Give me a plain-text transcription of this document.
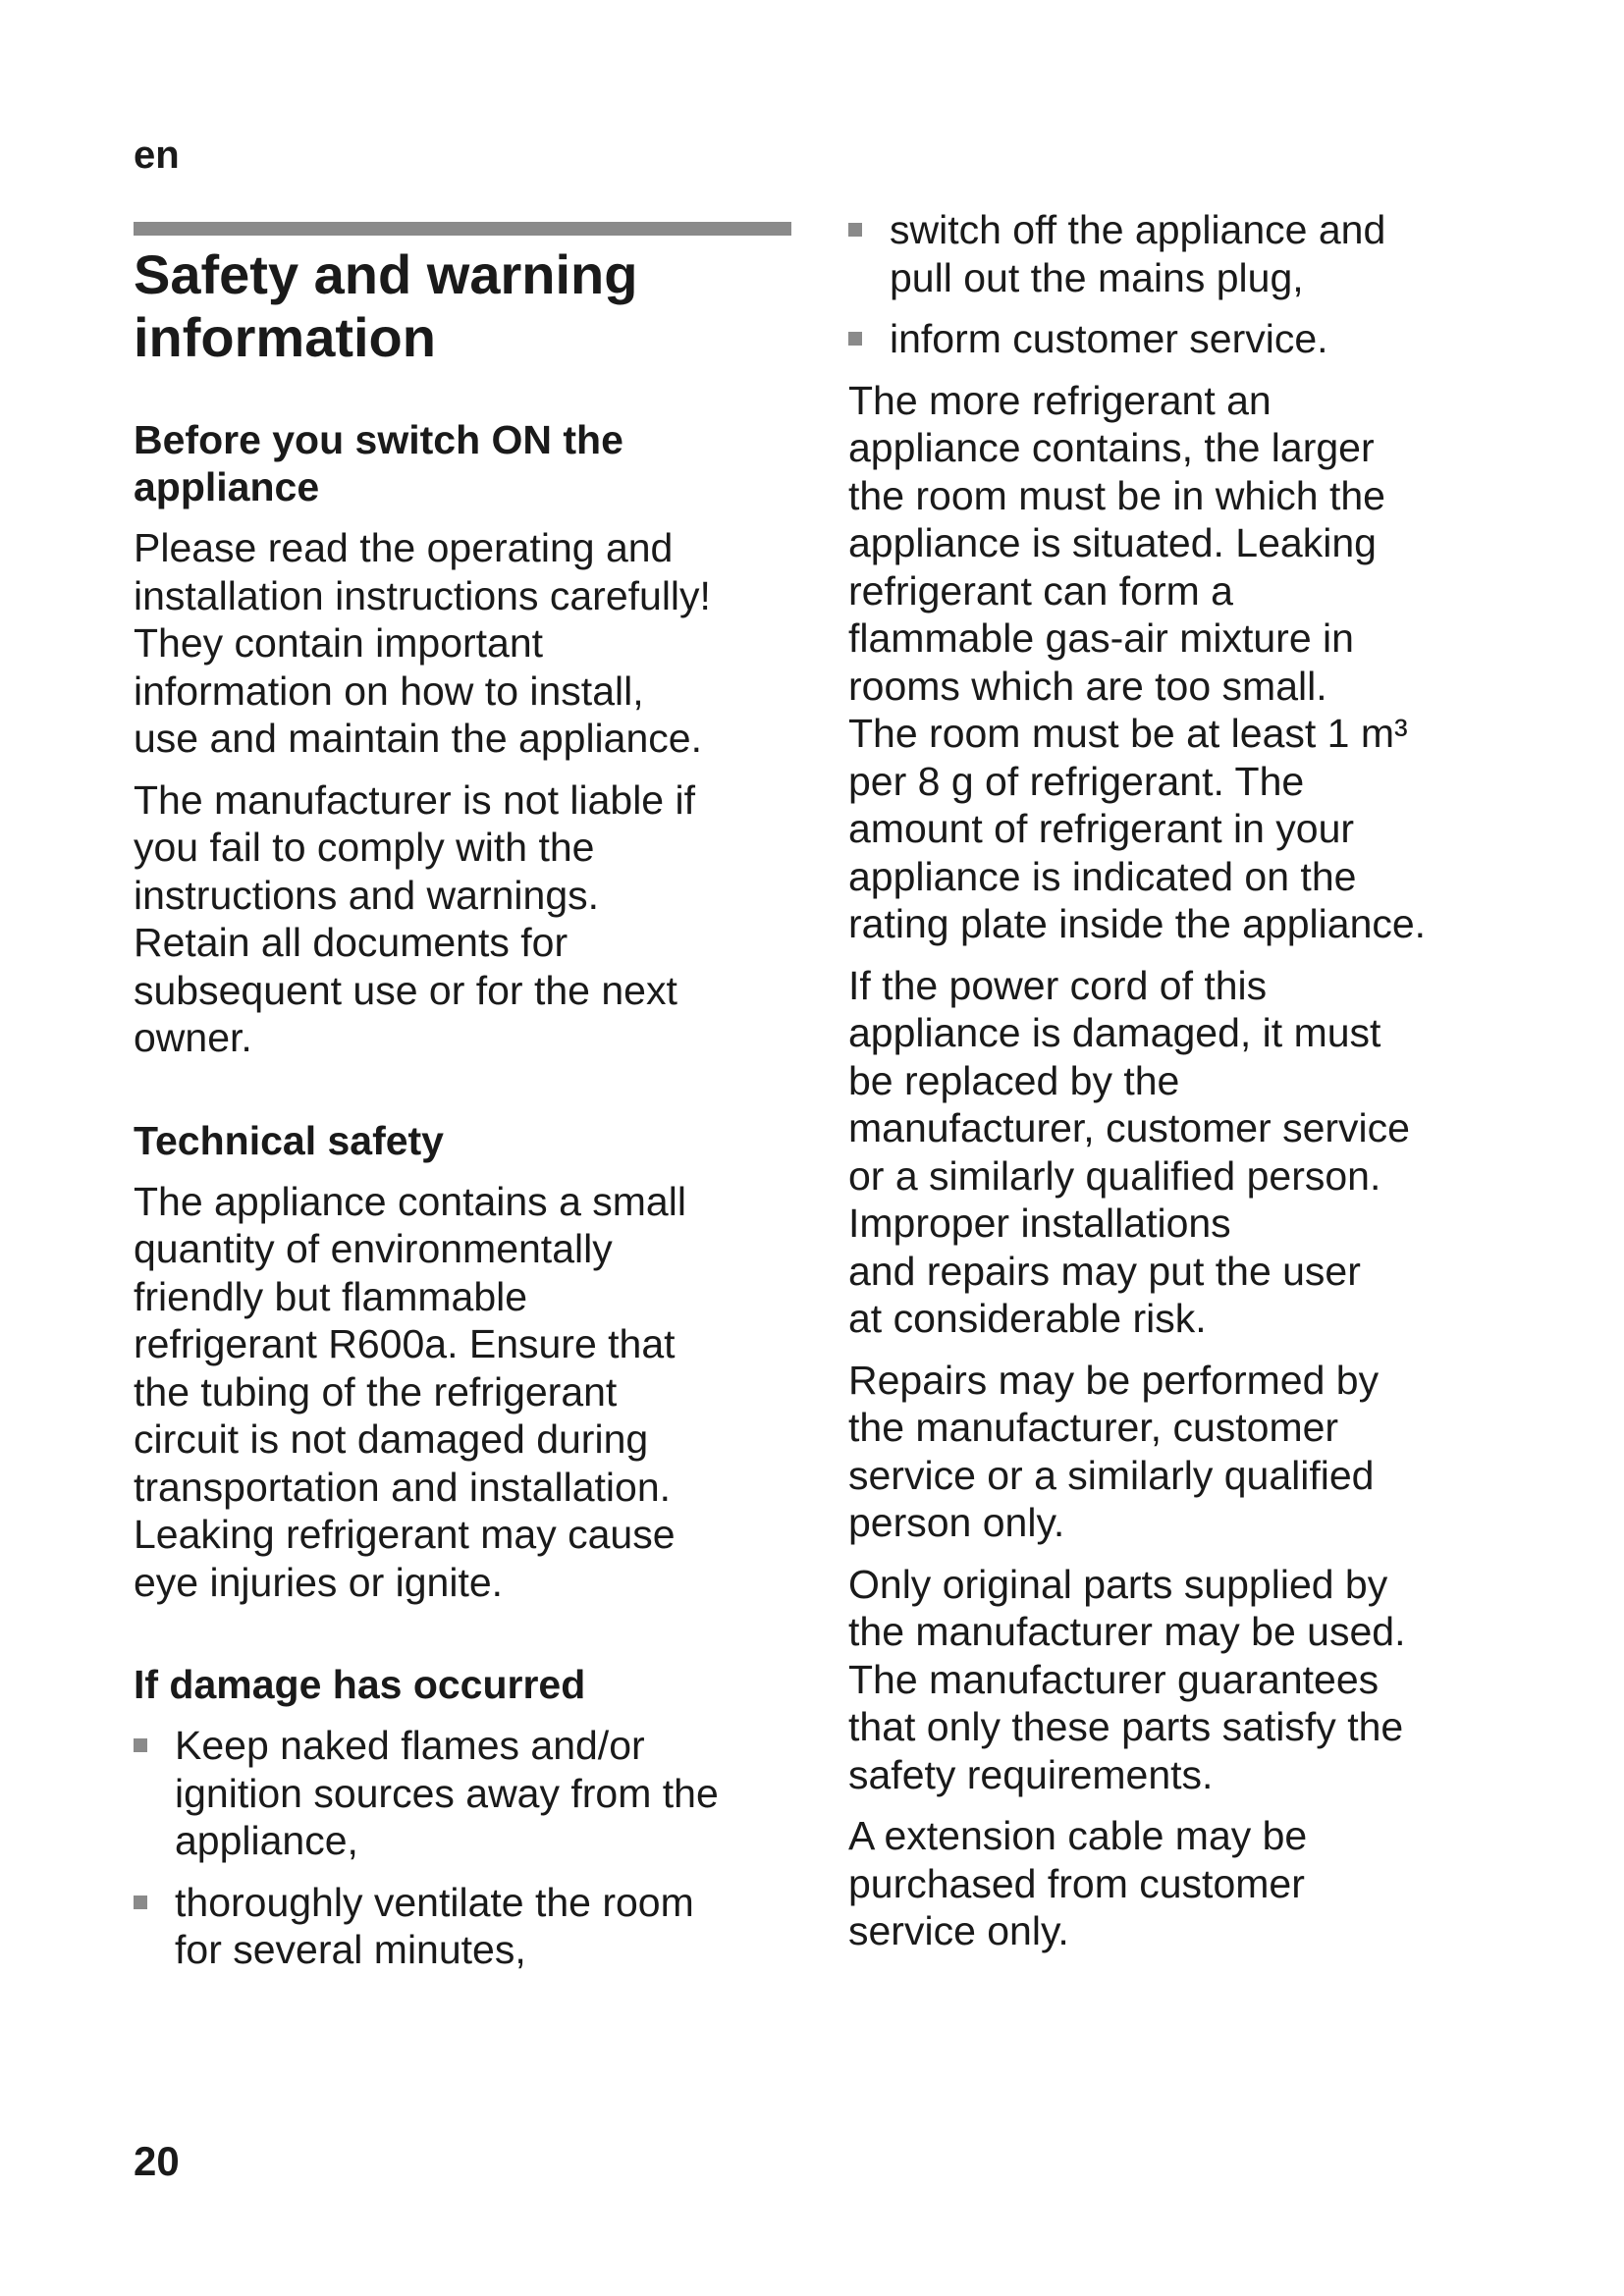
en
Safety and warning
information
Before you switch ON the
appliance

Please read the operating and
installation instructions carefully!
They contain important
information on how to install,
use and maintain the appliance.

The manufacturer is not liable if
you fail to comply with the
instructions and warnings.
Retain all documents for
subsequent use or for the next
owner.

Technical safety

The appliance contains a small
quantity of environmentally
friendly but flammable
refrigerant R600a. Ensure that
the tubing of the refrigerant
circuit is not damaged during
transportation and installation.
Leaking refrigerant may cause
eye injuries or ignite.

If damage has occurred
Keep naked flames and/or
ignition sources away from the
appliance,
thoroughly ventilate the room
for several minutes,
switch off the appliance and
pull out the mains plug,
inform customer service.

The more refrigerant an
appliance contains, the larger
the room must be in which the
appliance is situated. Leaking
refrigerant can form a
flammable gas-air mixture in
rooms which are too small.
The room must be at least 1 m³
per 8 g of refrigerant. The
amount of refrigerant in your
appliance is indicated on the
rating plate inside the appliance.

If the power cord of this
appliance is damaged, it must
be replaced by the
manufacturer, customer service
or a similarly qualified person.
Improper installations
and repairs may put the user
at considerable risk.

Repairs may be performed by
the manufacturer, customer
service or a similarly qualified
person only.

Only original parts supplied by
the manufacturer may be used.
The manufacturer guarantees
that only these parts satisfy the
safety requirements.

A extension cable may be
purchased from customer
service only.

20
